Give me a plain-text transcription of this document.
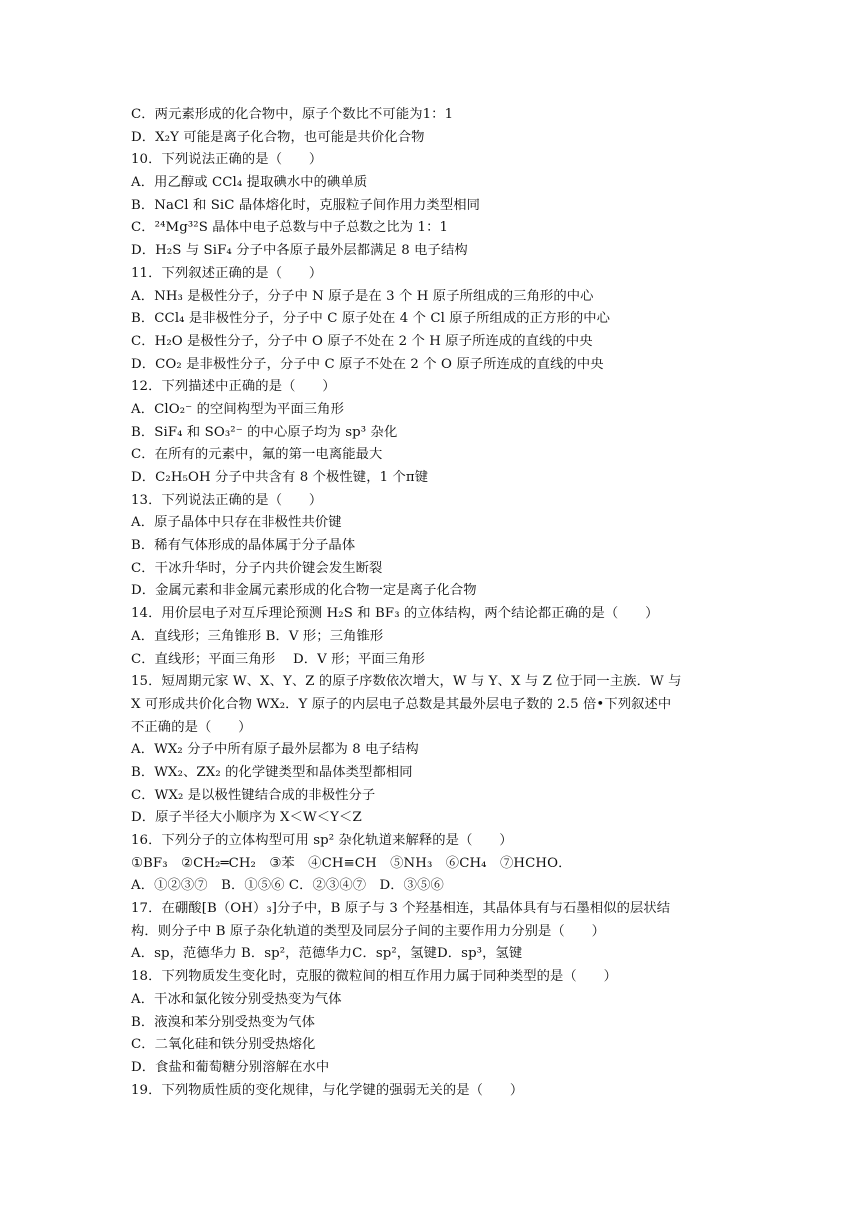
C．两元素形成的化合物中，原子个数比不可能为1：1
D．X₂Y 可能是离子化合物，也可能是共价化合物
10．下列说法正确的是（　　）
A．用乙醇或 CCl₄ 提取碘水中的碘单质
B．NaCl 和 SiC 晶体熔化时，克服粒子间作用力类型相同
C．²⁴Mg³²S 晶体中电子总数与中子总数之比为 1：1
D．H₂S 与 SiF₄ 分子中各原子最外层都满足 8 电子结构
11．下列叙述正确的是（　　）
A．NH₃ 是极性分子，分子中 N 原子是在 3 个 H 原子所组成的三角形的中心
B．CCl₄ 是非极性分子，分子中 C 原子处在 4 个 Cl 原子所组成的正方形的中心
C．H₂O 是极性分子，分子中 O 原子不处在 2 个 H 原子所连成的直线的中央
D．CO₂ 是非极性分子，分子中 C 原子不处在 2 个 O 原子所连成的直线的中央
12．下列描述中正确的是（　　）
A．ClO₂⁻ 的空间构型为平面三角形
B．SiF₄ 和 SO₃²⁻ 的中心原子均为 sp³ 杂化
C．在所有的元素中，氟的第一电离能最大
D．C₂H₅OH 分子中共含有 8 个极性键，1 个π键
13．下列说法正确的是（　　）
A．原子晶体中只存在非极性共价键
B．稀有气体形成的晶体属于分子晶体
C．干冰升华时，分子内共价键会发生断裂
D．金属元素和非金属元素形成的化合物一定是离子化合物
14．用价层电子对互斥理论预测 H₂S 和 BF₃ 的立体结构，两个结论都正确的是（　　）
A．直线形；三角锥形 B．V 形；三角锥形
C．直线形；平面三角形　 D．V 形；平面三角形
15．短周期元家 W、X、Y、Z 的原子序数依次增大，W 与 Y、X 与 Z 位于同一主族．W 与
X 可形成共价化合物 WX₂．Y 原子的内层电子总数是其最外层电子数的 2.5 倍•下列叙述中
不正确的是（　　）
A．WX₂ 分子中所有原子最外层都为 8 电子结构
B．WX₂、ZX₂ 的化学键类型和晶体类型都相同
C．WX₂ 是以极性键结合成的非极性分子
D．原子半径大小顺序为 X＜W＜Y＜Z
16．下列分子的立体构型可用 sp² 杂化轨道来解释的是（　　）
①BF₃　②CH₂═CH₂　③苯　④CH≡CH　⑤NH₃　⑥CH₄　⑦HCHO．
A．①②③⑦　B．①⑤⑥ C．②③④⑦　D．③⑤⑥
17．在硼酸[B（OH）₃]分子中，B 原子与 3 个羟基相连，其晶体具有与石墨相似的层状结
构．则分子中 B 原子杂化轨道的类型及同层分子间的主要作用力分别是（　　）
A．sp，范德华力 B．sp²，范德华力C．sp²，氢键D．sp³，氢键
18．下列物质发生变化时，克服的微粒间的相互作用力属于同种类型的是（　　）
A．干冰和氯化铵分别受热变为气体
B．液溴和苯分别受热变为气体
C．二氧化硅和铁分别受热熔化
D．食盐和葡萄糖分别溶解在水中
19．下列物质性质的变化规律，与化学键的强弱无关的是（　　）
